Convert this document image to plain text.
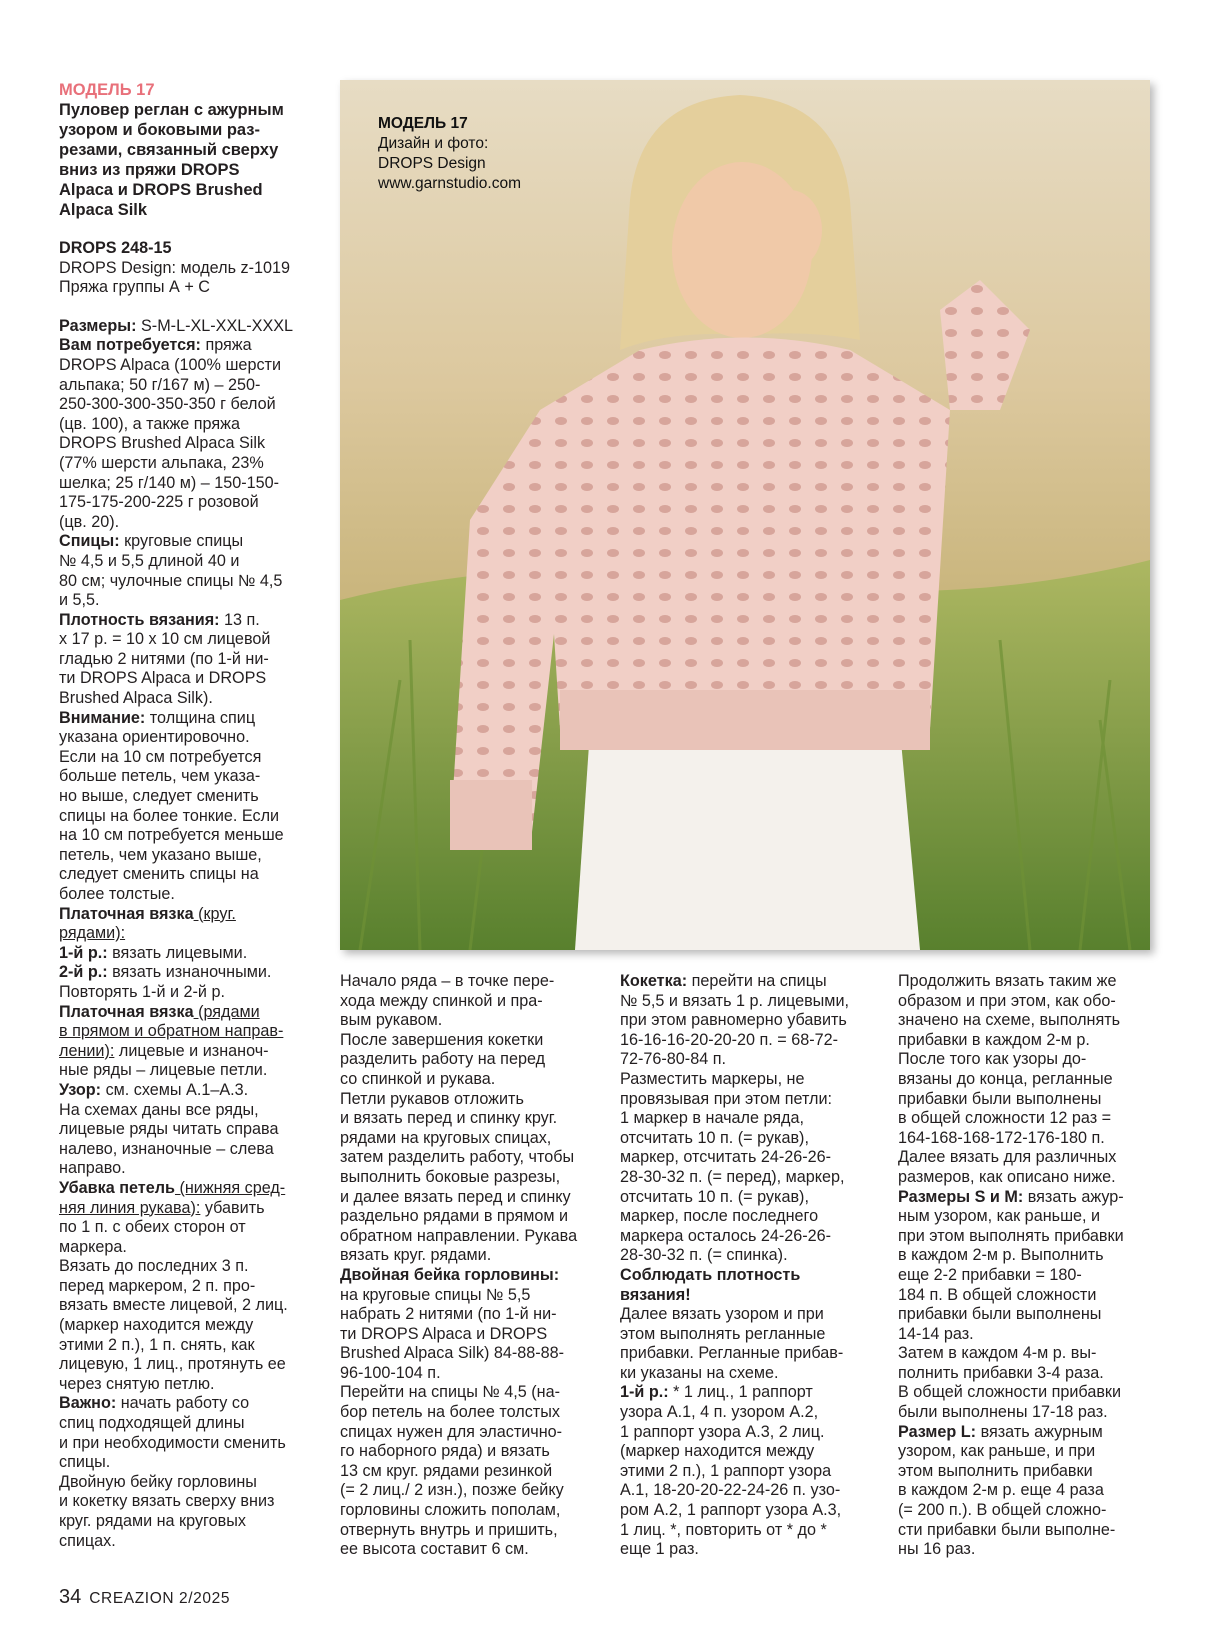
МОДЕЛЬ 17

Пуловер реглан с ажурным

узором и боковыми раз-

резами, связанный сверху

вниз из пряжи DROPS

Alpaca и DROPS Brushed

Alpaca Silk

DROPS 248-15

DROPS Design: модель z-1019

Пряжа группы А + С

Размеры: S-M-L-XL-XXL-XXXL

Вам потребуется: пряжа

DROPS Alpaca (100% шерсти

альпака; 50 г/167 м) – 250-

250-300-300-350-350 г белой

(цв. 100), а также пряжа

DROPS Brushed Alpaca Silk

(77% шерсти альпака, 23%

шелка; 25 г/140 м) – 150-150-

175-175-200-225 г розовой

(цв. 20).

Спицы: круговые спицы

№ 4,5 и 5,5 длиной 40 и

80 см; чулочные спицы № 4,5

и 5,5.

Плотность вязания: 13 п.

х 17 р. = 10 х 10 см лицевой

гладью 2 нитями (по 1-й ни-

ти DROPS Alpaca и DROPS

Brushed Alpaca Silk).

Внимание: толщина спиц

указана ориентировочно.

Если на 10 см потребуется

больше петель, чем указа-

но выше, следует сменить

спицы на более тонкие. Если

на 10 см потребуется меньше

петель, чем указано выше,

следует сменить спицы на

более толстые.

Платочная вязка (круг.

рядами):

1-й р.: вязать лицевыми.

2-й р.: вязать изнаночными.

Повторять 1-й и 2-й р.

Платочная вязка (рядами

в прямом и обратном направ-

лении): лицевые и изнаноч-

ные ряды – лицевые петли.

Узор: см. схемы А.1–А.3.

На схемах даны все ряды,

лицевые ряды читать справа

налево, изнаночные – слева

направо.

Убавка петель (нижняя сред-

няя линия рукава): убавить

по 1 п. с обеих сторон от

маркера.

Вязать до последних 3 п.

перед маркером, 2 п. про-

вязать вместе лицевой, 2 лиц.

(маркер находится между

этими 2 п.), 1 п. снять, как

лицевую, 1 лиц., протянуть ее

через снятую петлю.

Важно: начать работу со

спиц подходящей длины

и при необходимости сменить

спицы.

Двойную бейку горловины

и кокетку вязать сверху вниз

круг. рядами на круговых

спицах.

МОДЕЛЬ 17

Дизайн и фото:

DROPS Design

www.garnstudio.com

Начало ряда – в точке пере-

хода между спинкой и пра-

вым рукавом.

После завершения кокетки

разделить работу на перед

со спинкой и рукава.

Петли рукавов отложить

и вязать перед и спинку круг.

рядами на круговых спицах,

затем разделить работу, чтобы

выполнить боковые разрезы,

и далее вязать перед и спинку

раздельно рядами в прямом и

обратном направлении. Рукава

вязать круг. рядами.

Двойная бейка горловины:

на круговые спицы № 5,5

набрать 2 нитями (по 1-й ни-

ти DROPS Alpaca и DROPS

Brushed Alpaca Silk) 84-88-88-

96-100-104 п.

Перейти на спицы № 4,5 (на-

бор петель на более толстых

спицах нужен для эластично-

го наборного ряда) и вязать

13 см круг. рядами резинкой

(= 2 лиц./ 2 изн.), позже бейку

горловины сложить пополам,

отвернуть внутрь и пришить,

ее высота составит 6 см.

Кокетка: перейти на спицы

№ 5,5 и вязать 1 р. лицевыми,

при этом равномерно убавить

16-16-16-20-20-20 п. = 68-72-

72-76-80-84 п.

Разместить маркеры, не

провязывая при этом петли:

1 маркер в начале ряда,

отсчитать 10 п. (= рукав),

маркер, отсчитать 24-26-26-

28-30-32 п. (= перед), маркер,

отсчитать 10 п. (= рукав),

маркер, после последнего

маркера осталось 24-26-26-

28-30-32 п. (= спинка).

Соблюдать плотность

вязания!

Далее вязать узором и при

этом выполнять регланные

прибавки. Регланные прибав-

ки указаны на схеме.

1-й р.: * 1 лиц., 1 раппорт

узора А.1, 4 п. узором А.2,

1 раппорт узора А.3, 2 лиц.

(маркер находится между

этими 2 п.), 1 раппорт узора

А.1, 18-20-20-22-24-26 п. узо-

ром А.2, 1 раппорт узора А.3,

1 лиц. *, повторить от * до *

еще 1 раз.

Продолжить вязать таким же

образом и при этом, как обо-

значено на схеме, выполнять

прибавки в каждом 2-м р.

После того как узоры до-

вязаны до конца, регланные

прибавки были выполнены

в общей сложности 12 раз =

164-168-168-172-176-180 п.

Далее вязать для различных

размеров, как описано ниже.

Размеры S и M: вязать ажур-

ным узором, как раньше, и

при этом выполнять прибавки

в каждом 2-м р. Выполнить

еще 2-2 прибавки = 180-

184 п. В общей сложности

прибавки были выполнены

14-14 раз.

Затем в каждом 4-м р. вы-

полнить прибавки 3-4 раза.

В общей сложности прибавки

были выполнены 17-18 раз.

Размер L: вязать ажурным

узором, как раньше, и при

этом выполнить прибавки

в каждом 2-м р. еще 4 раза

(= 200 п.). В общей сложно-

сти прибавки были выполне-

ны 16 раз.

34 CREAZION 2/2025
